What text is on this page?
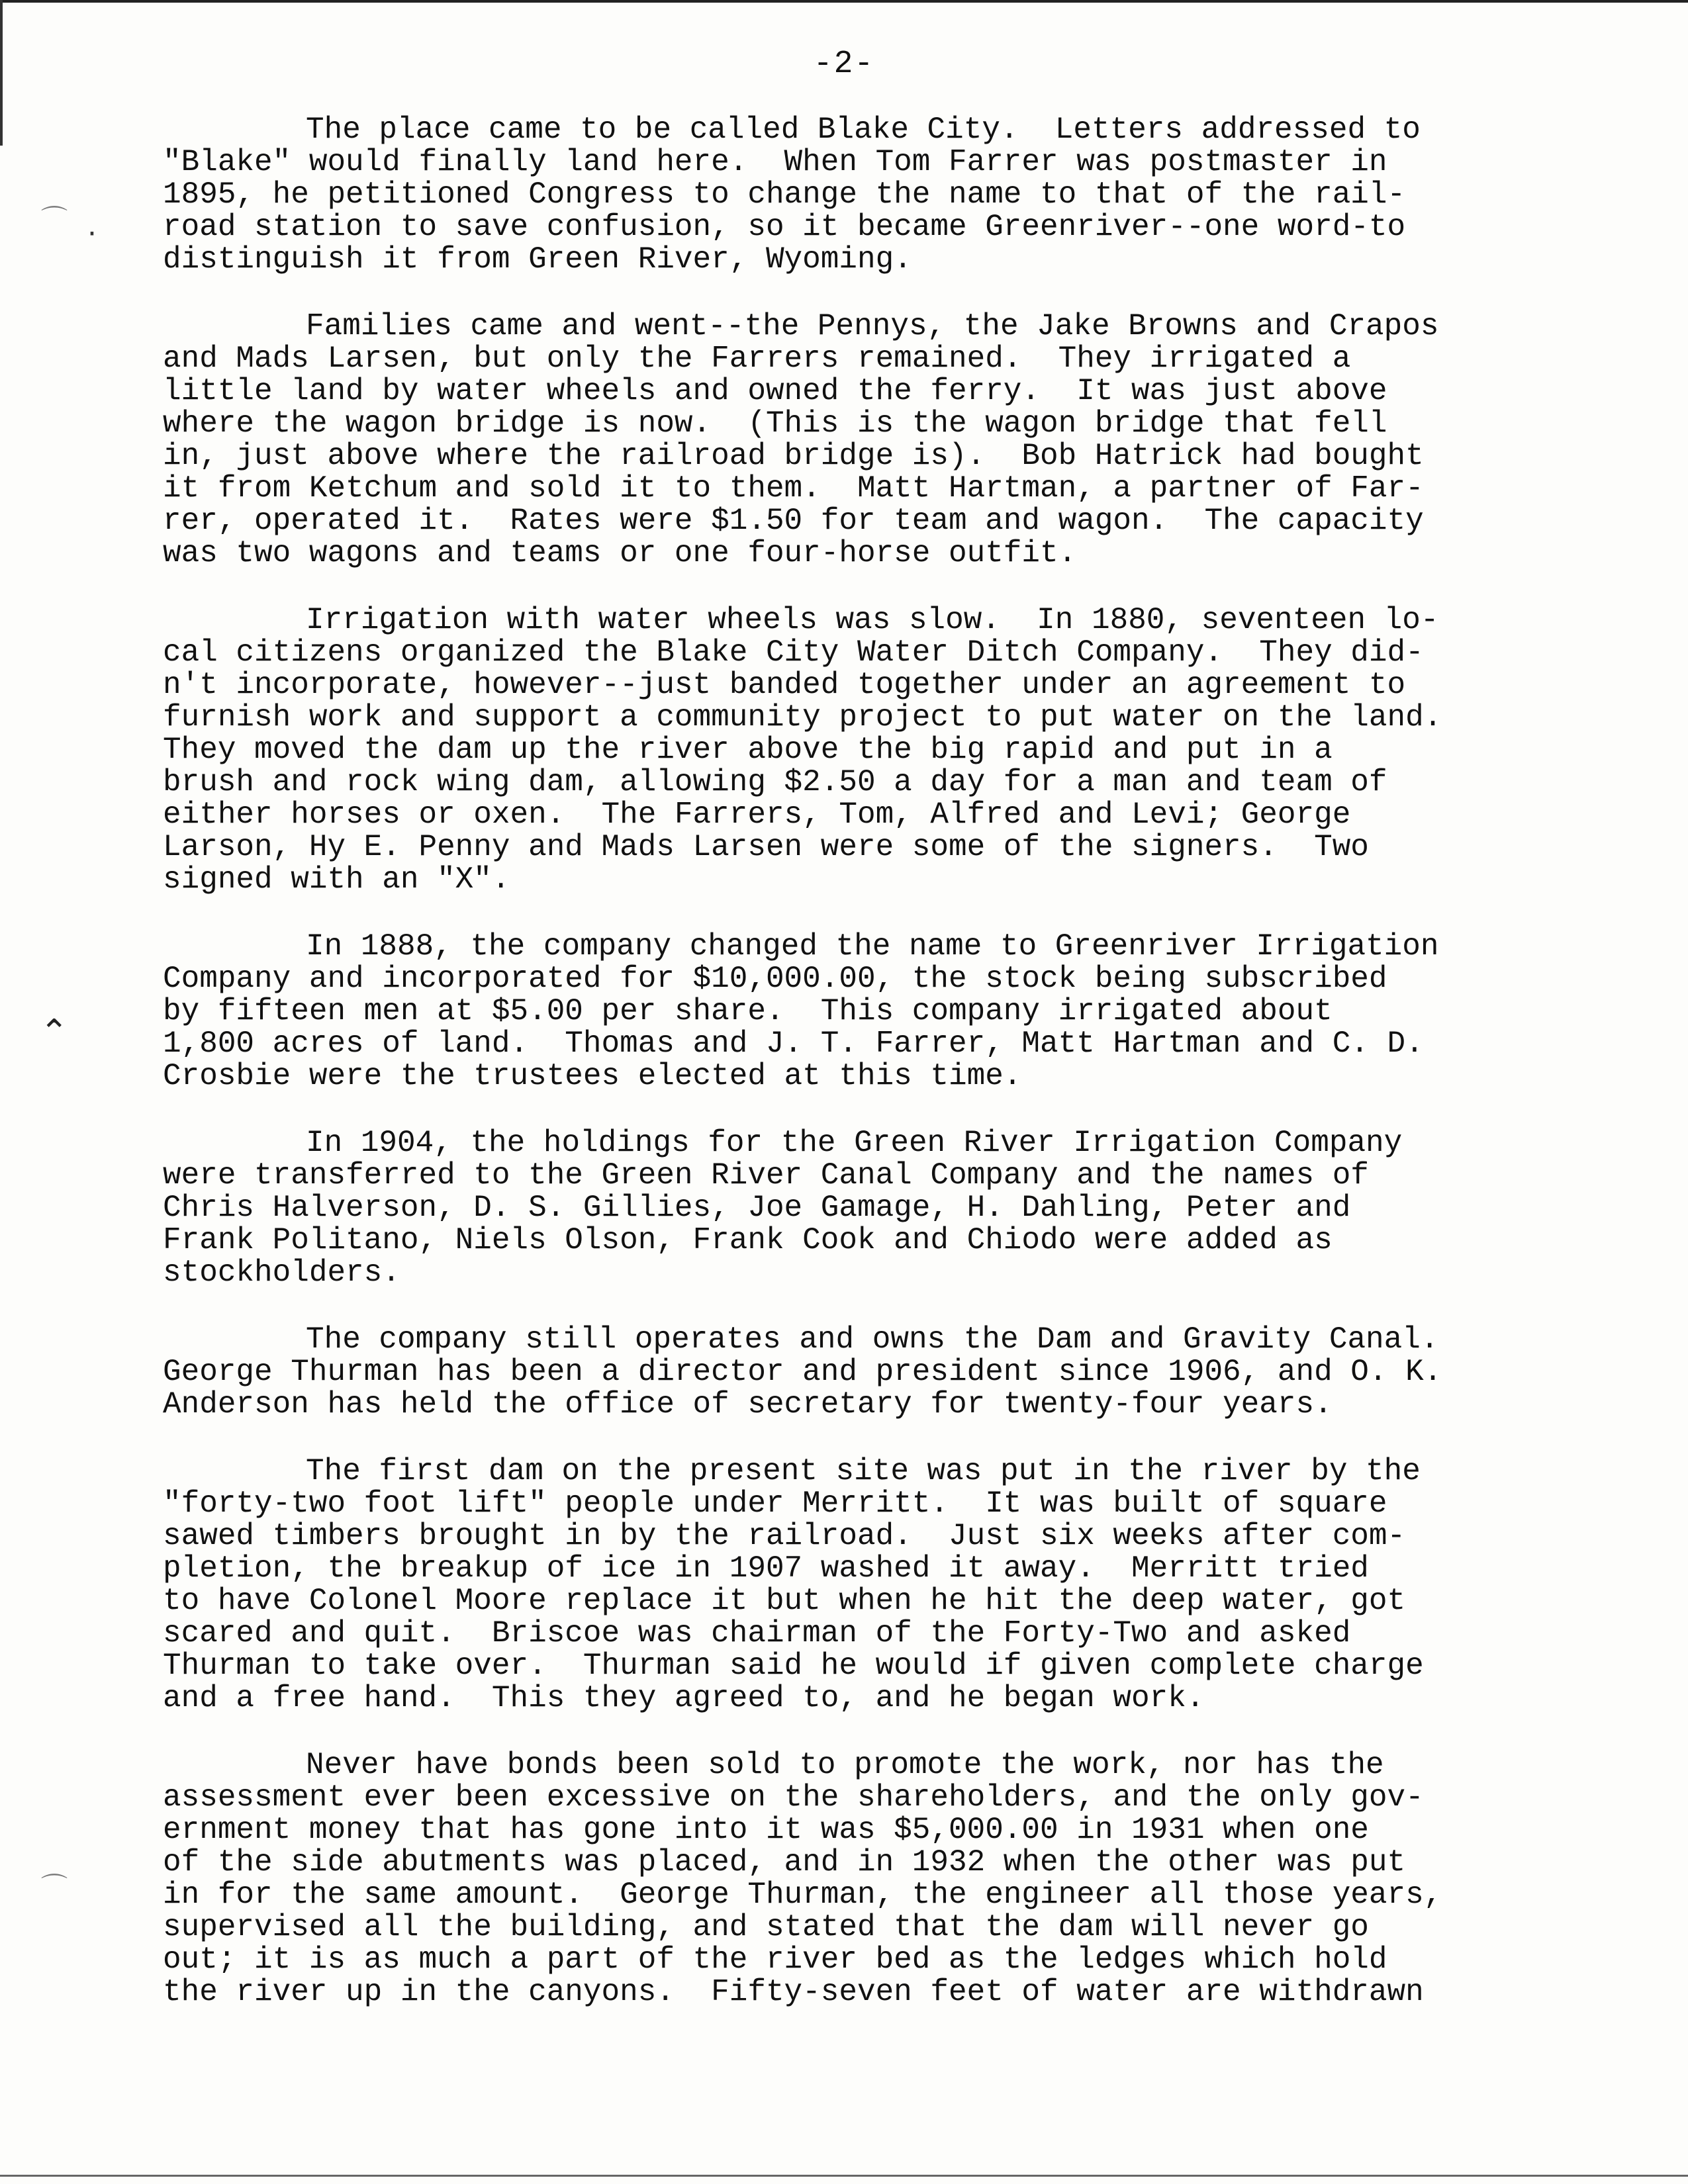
⌒ ·
⌃
⌒
-2-
The place came to be called Blake City.  Letters addressed to
"Blake" would finally land here.  When Tom Farrer was postmaster in
1895, he petitioned Congress to change the name to that of the rail-
road station to save confusion, so it became Greenriver--one word-to
distinguish it from Green River, Wyoming.
Families came and went--the Pennys, the Jake Browns and Crapos
and Mads Larsen, but only the Farrers remained.  They irrigated a
little land by water wheels and owned the ferry.  It was just above
where the wagon bridge is now.  (This is the wagon bridge that fell
in, just above where the railroad bridge is).  Bob Hatrick had bought
it from Ketchum and sold it to them.  Matt Hartman, a partner of Far-
rer, operated it.  Rates were $1.50 for team and wagon.  The capacity
was two wagons and teams or one four-horse outfit.
Irrigation with water wheels was slow.  In 1880, seventeen lo-
cal citizens organized the Blake City Water Ditch Company.  They did-
n't incorporate, however--just banded together under an agreement to
furnish work and support a community project to put water on the land.
They moved the dam up the river above the big rapid and put in a
brush and rock wing dam, allowing $2.50 a day for a man and team of
either horses or oxen.  The Farrers, Tom, Alfred and Levi; George
Larson, Hy E. Penny and Mads Larsen were some of the signers.  Two
signed with an "X".
In 1888, the company changed the name to Greenriver Irrigation
Company and incorporated for $10,000.00, the stock being subscribed
by fifteen men at $5.00 per share.  This company irrigated about
1,800 acres of land.  Thomas and J. T. Farrer, Matt Hartman and C. D.
Crosbie were the trustees elected at this time.
In 1904, the holdings for the Green River Irrigation Company
were transferred to the Green River Canal Company and the names of
Chris Halverson, D. S. Gillies, Joe Gamage, H. Dahling, Peter and
Frank Politano, Niels Olson, Frank Cook and Chiodo were added as
stockholders.
The company still operates and owns the Dam and Gravity Canal.
George Thurman has been a director and president since 1906, and O. K.
Anderson has held the office of secretary for twenty-four years.
The first dam on the present site was put in the river by the
"forty-two foot lift" people under Merritt.  It was built of square
sawed timbers brought in by the railroad.  Just six weeks after com-
pletion, the breakup of ice in 1907 washed it away.  Merritt tried
to have Colonel Moore replace it but when he hit the deep water, got
scared and quit.  Briscoe was chairman of the Forty-Two and asked
Thurman to take over.  Thurman said he would if given complete charge
and a free hand.  This they agreed to, and he began work.
Never have bonds been sold to promote the work, nor has the
assessment ever been excessive on the shareholders, and the only gov-
ernment money that has gone into it was $5,000.00 in 1931 when one
of the side abutments was placed, and in 1932 when the other was put
in for the same amount.  George Thurman, the engineer all those years,
supervised all the building, and stated that the dam will never go
out; it is as much a part of the river bed as the ledges which hold
the river up in the canyons.  Fifty-seven feet of water are withdrawn
